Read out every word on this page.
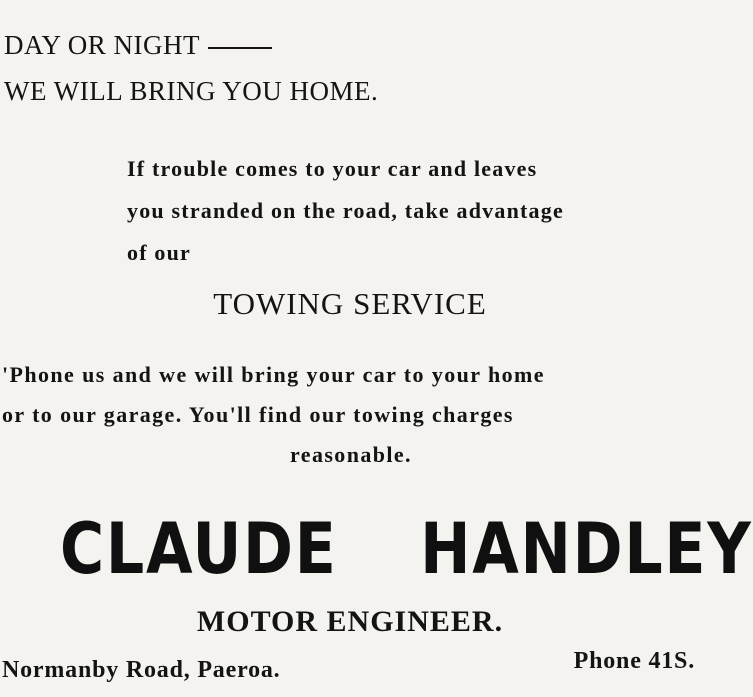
DAY OR NIGHT
WE WILL BRING YOU HOME.
If trouble comes to your car and leaves
you stranded on the road, take advantage
of our
TOWING SERVICE
'Phone us and we will bring your car to your home
or to our garage. You'll find our towing charges
reasonable.
CLAUDE HANDLEY
MOTOR ENGINEER.
Normanby Road, Paeroa.	Phone 41S.
